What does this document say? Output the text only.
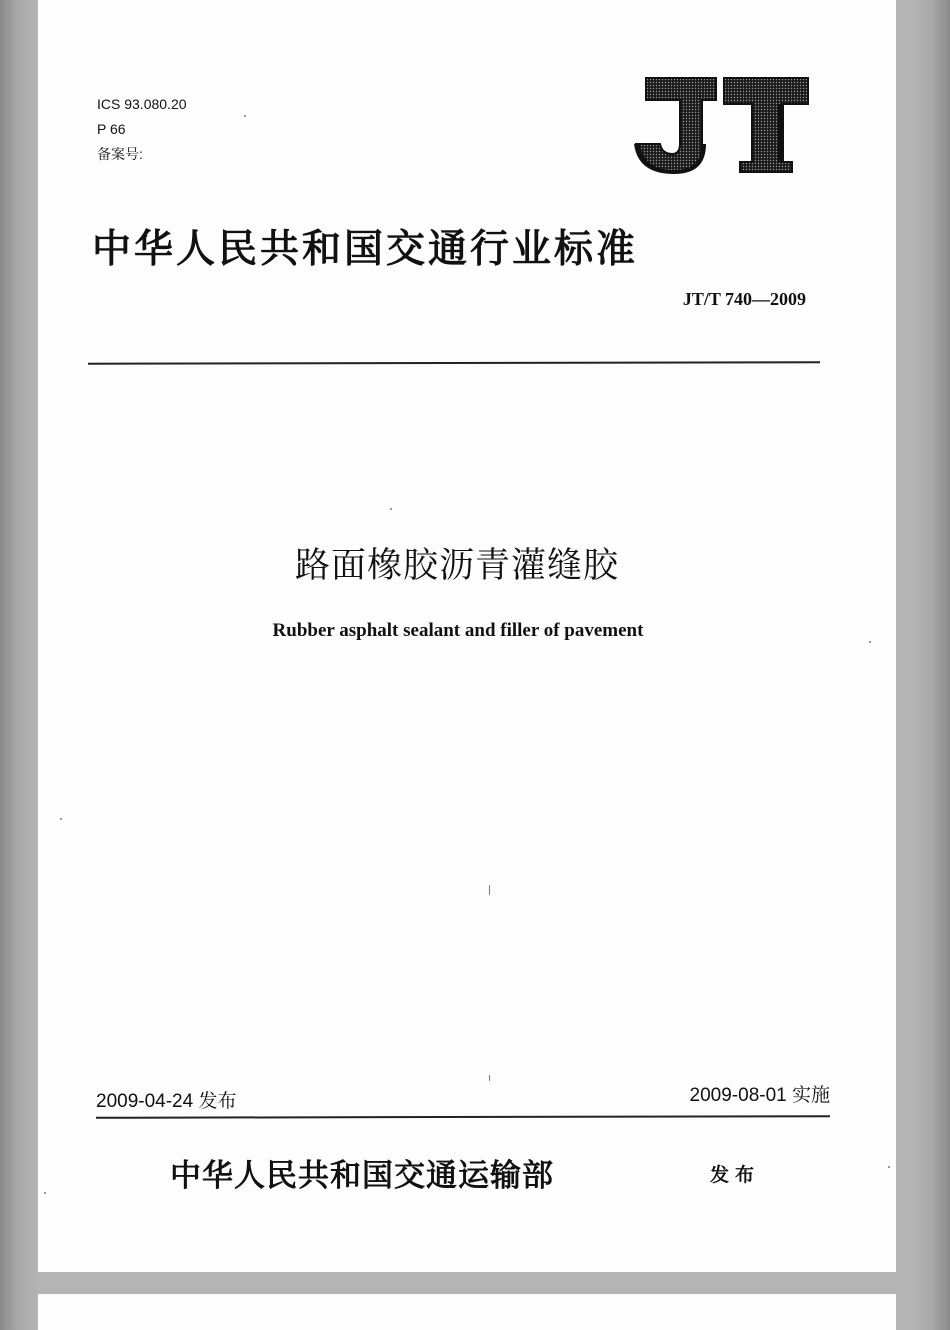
ICS 93.080.20
P 66
备案号:
JT
中华人民共和国交通行业标准
JT/T 740—2009
路面橡胶沥青灌缝胶
Rubber asphalt sealant and filler of pavement
2009-04-24 发布	2009-08-01 实施
中华人民共和国交通运输部	发布
